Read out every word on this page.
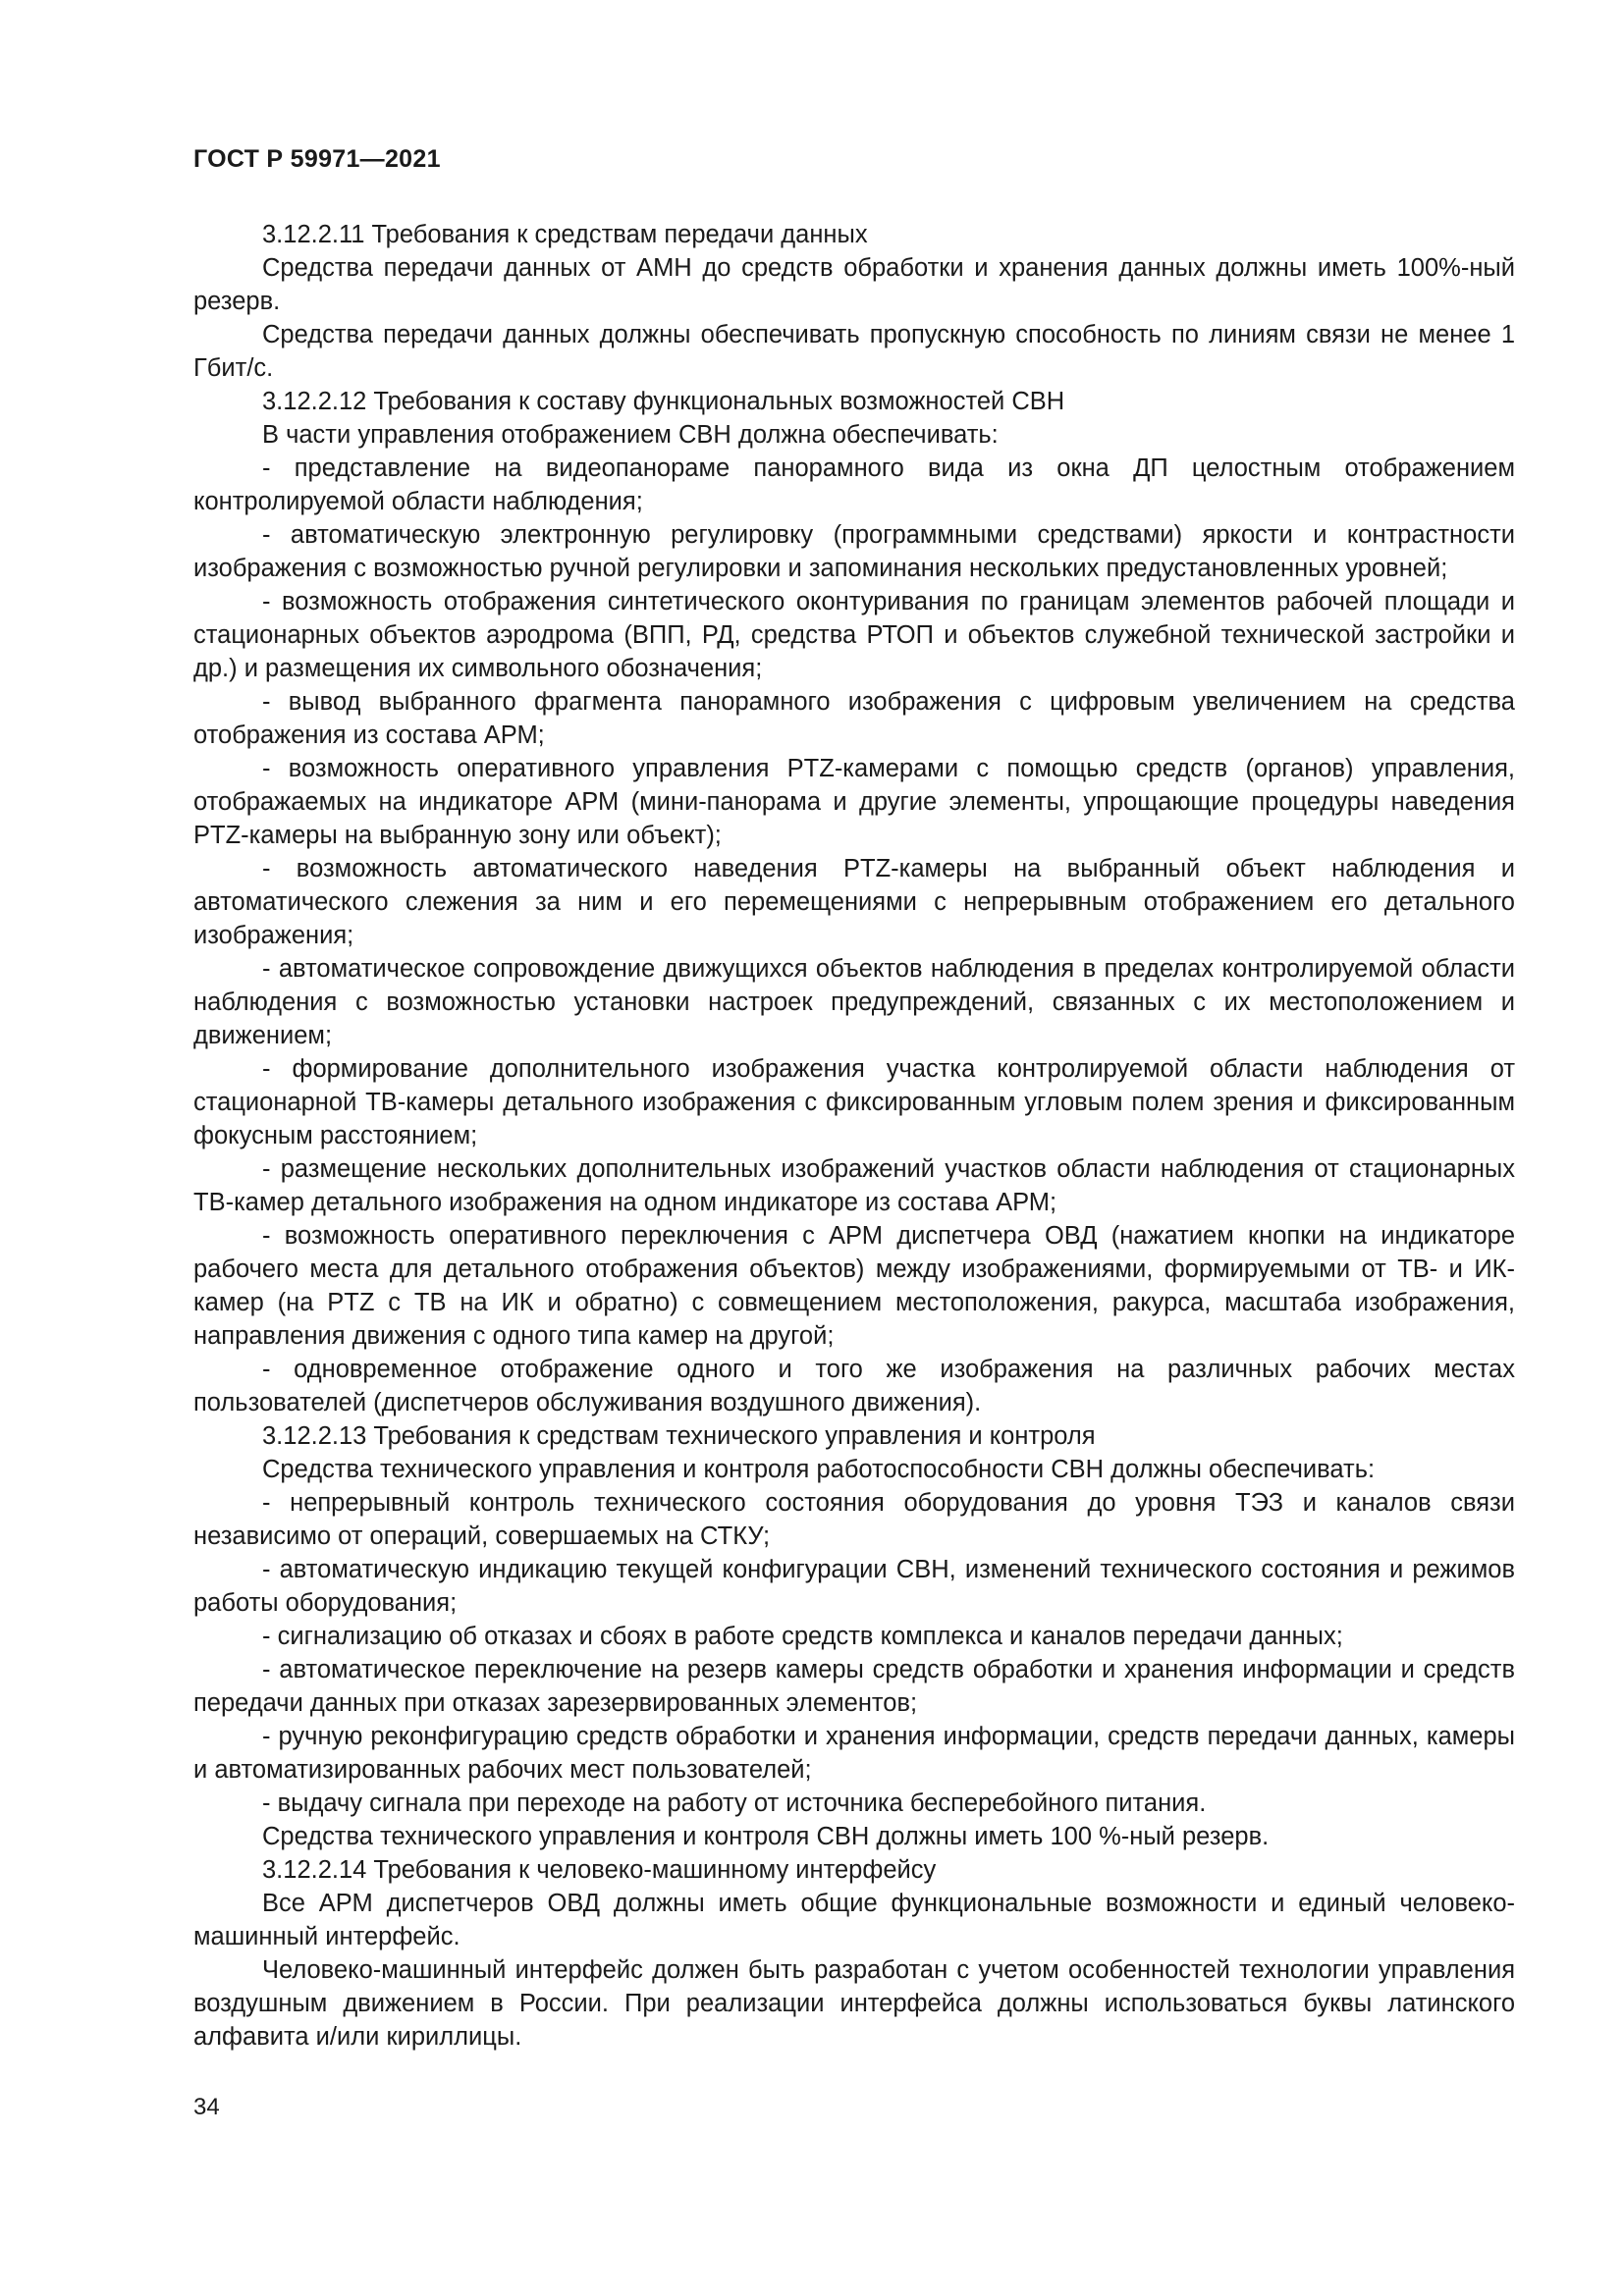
ГОСТ Р 59971—2021

3.12.2.11 Требования к средствам передачи данных

Средства передачи данных от АМН до средств обработки и хранения данных должны иметь 100%-ный резерв.

Средства передачи данных должны обеспечивать пропускную способность по линиям связи не менее 1 Гбит/с.

3.12.2.12 Требования к составу функциональных возможностей СВН

В части управления отображением СВН должна обеспечивать:

- представление на видеопанораме панорамного вида из окна ДП целостным отображением контролируемой области наблюдения;

- автоматическую электронную регулировку (программными средствами) яркости и контрастности изображения с возможностью ручной регулировки и запоминания нескольких предустановленных уровней;

- возможность отображения синтетического оконтуривания по границам элементов рабочей площади и стационарных объектов аэродрома (ВПП, РД, средства РТОП и объектов служебной технической застройки и др.) и размещения их символьного обозначения;

- вывод выбранного фрагмента панорамного изображения с цифровым увеличением на средства отображения из состава АРМ;

- возможность оперативного управления PTZ-камерами с помощью средств (органов) управления, отображаемых на индикаторе АРМ (мини-панорама и другие элементы, упрощающие процедуры наведения PTZ-камеры на выбранную зону или объект);

- возможность автоматического наведения PTZ-камеры на выбранный объект наблюдения и автоматического слежения за ним и его перемещениями с непрерывным отображением его детального изображения;

- автоматическое сопровождение движущихся объектов наблюдения в пределах контролируемой области наблюдения с возможностью установки настроек предупреждений, связанных с их местоположением и движением;

- формирование дополнительного изображения участка контролируемой области наблюдения от стационарной ТВ-камеры детального изображения с фиксированным угловым полем зрения и фиксированным фокусным расстоянием;

- размещение нескольких дополнительных изображений участков области наблюдения от стационарных ТВ-камер детального изображения на одном индикаторе из состава АРМ;

- возможность оперативного переключения с АРМ диспетчера ОВД (нажатием кнопки на индикаторе рабочего места для детального отображения объектов) между изображениями, формируемыми от ТВ- и ИК-камер (на PTZ с ТВ на ИК и обратно) с совмещением местоположения, ракурса, масштаба изображения, направления движения с одного типа камер на другой;

- одновременное отображение одного и того же изображения на различных рабочих местах пользователей (диспетчеров обслуживания воздушного движения).

3.12.2.13 Требования к средствам технического управления и контроля

Средства технического управления и контроля работоспособности СВН должны обеспечивать:

- непрерывный контроль технического состояния оборудования до уровня ТЭЗ и каналов связи независимо от операций, совершаемых на СТКУ;

- автоматическую индикацию текущей конфигурации СВН, изменений технического состояния и режимов работы оборудования;

- сигнализацию об отказах и сбоях в работе средств комплекса и каналов передачи данных;

- автоматическое переключение на резерв камеры средств обработки и хранения информации и средств передачи данных при отказах зарезервированных элементов;

- ручную реконфигурацию средств обработки и хранения информации, средств передачи данных, камеры и автоматизированных рабочих мест пользователей;

- выдачу сигнала при переходе на работу от источника бесперебойного питания.

Средства технического управления и контроля СВН должны иметь 100 %-ный резерв.

3.12.2.14 Требования к человеко-машинному интерфейсу

Все АРМ диспетчеров ОВД должны иметь общие функциональные возможности и единый человеко-машинный интерфейс.

Человеко-машинный интерфейс должен быть разработан с учетом особенностей технологии управления воздушным движением в России. При реализации интерфейса должны использоваться буквы латинского алфавита и/или кириллицы.

34
